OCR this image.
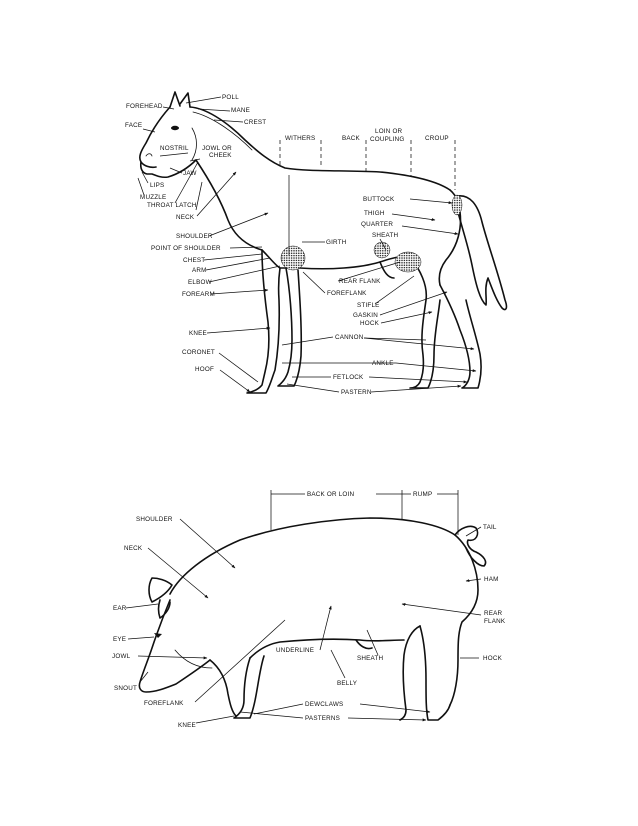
FOREHEAD
POLL
MANE
CREST
FACE
WITHERS	BACK
LOIN OR
COUPLING	CROUP
NOSTRIL JOWL OR
CHEEK
JAW
LIPS
MUZZLE
THROAT LATCH
NECK
BUTTOCK
THIGH
QUARTER
SHEATH
SHOULDER
POINT OF SHOULDER
GIRTH
CHEST
ARM
ELBOW
FOREARM
REAR FLANK
FOREFLANK
STIFLE
GASKIN
HOCK
KNEE
CANNON
CORONET
ANKLE
HOOF
FETLOCK
PASTERN
BACK OR LOIN	RUMP
SHOULDER
TAIL
NECK
HAM
EAR
REAR
FLANK
EYE
JOWL
UNDERLINE
SHEATH	HOCK
SNOUT
BELLY
FOREFLANK	DEWCLAWS
PASTERNS
KNEE
